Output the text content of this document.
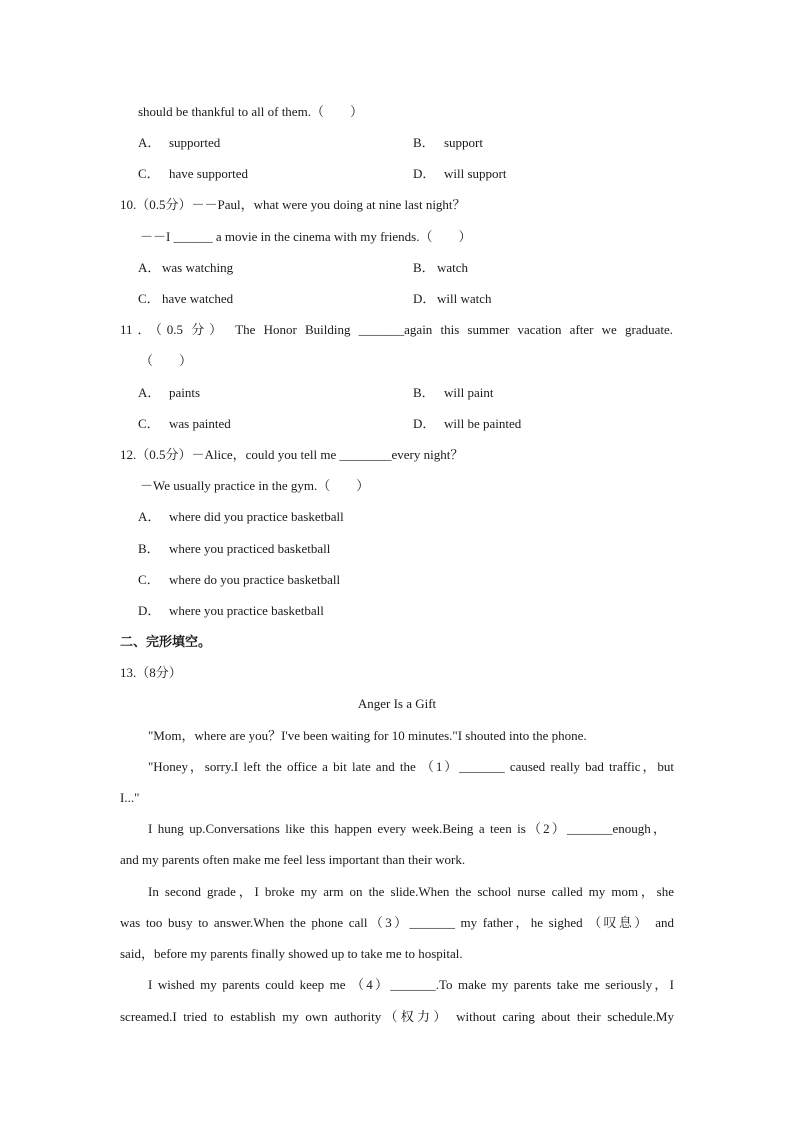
should be thankful to all of them.（　　）
A． supported	B． support
C． have supported	D． will support
10.（0.5分）－－Paul，what were you doing at nine last night？
－－I ______ a movie in the cinema with my friends.（　　）
A． was watching	B． watch
C． have watched	D． will watch
11．（0.5 分） The Honor Building _______again this summer vacation after we graduate.
（　　）
A． paints	B． will paint
C． was painted	D． will be painted
12.（0.5分）－Alice，could you tell me ________every night？
－We usually practice in the gym.（　　）
A． where did you practice basketball
B． where you practiced basketball
C． where do you practice basketball
D． where you practice basketball
二、完形填空。
13.（8分）
Anger Is a Gift
"Mom，where are you？I've been waiting for 10 minutes."I shouted into the phone.
"Honey，sorry.I left the office a bit late and the （1）_______ caused really bad traffic，but
I..."
I hung up.Conversations like this happen every week.Being a teen is（2）_______enough，
and my parents often make me feel less important than their work.
In second grade，I broke my arm on the slide.When the school nurse called my mom，she
was too busy to answer.When the phone call（3）_______ my father，he sighed （叹息） and
said，before my parents finally showed up to take me to hospital.
I wished my parents could keep me （4）_______.To make my parents take me seriously，I
screamed.I tried to establish my own authority（权力） without caring about their schedule.My
